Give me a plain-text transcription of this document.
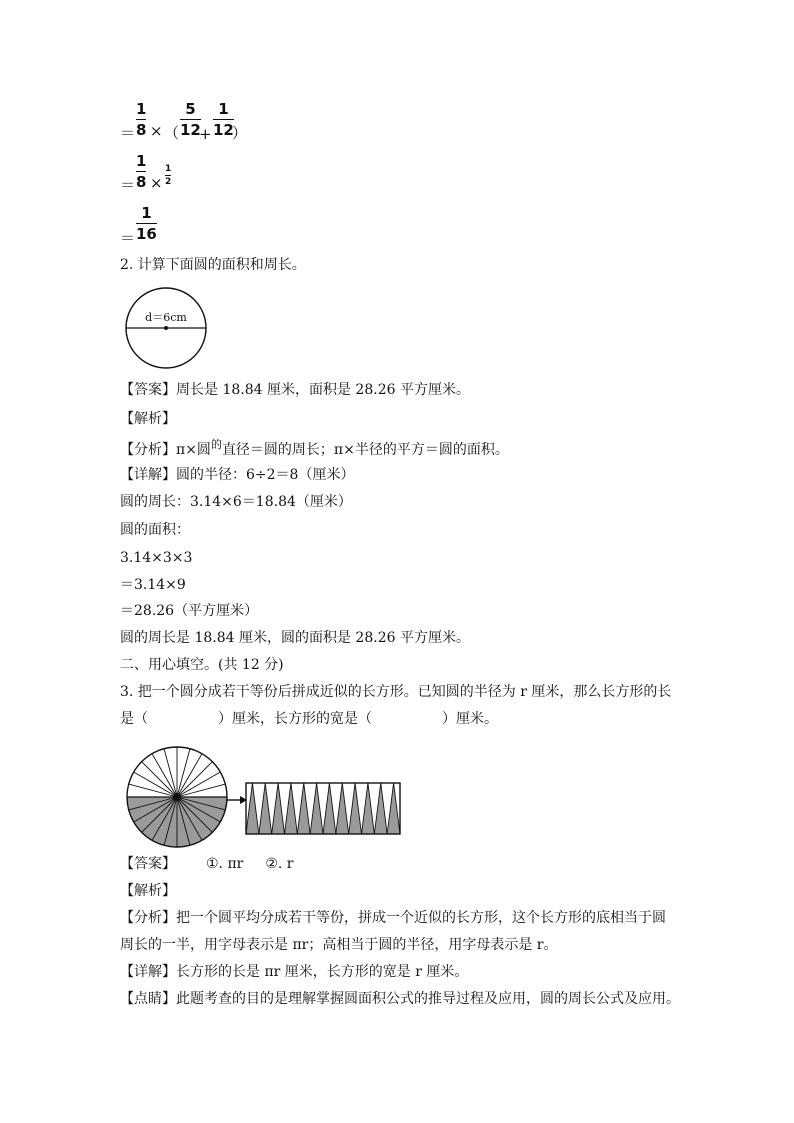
＝
1
8 × （
5
12
+
1
12
）
＝
1
8 ×
1
2
＝
1
16
2. 计算下面圆的面积和周长。
d＝6cm
【答案】周长是 18.84 厘米，面积是 28.26 平方厘米。
【解析】
【分析】π×圆$^的$直径＝圆的周长；π×半径的平方＝圆的面积。
【详解】圆的半径：6÷2＝8（厘米）
圆的周长：3.14×6＝18.84（厘米）
圆的面积：
3.14×3×3
＝3.14×9
＝28.26（平方厘米）
圆的周长是 18.84 厘米，圆的面积是 28.26 平方厘米。
二、用心填空。(共 12 分)
3. 把一个圆分成若干等份后拼成近似的长方形。已知圆的半径为 r 厘米，那么长方形的长
是（　　　　　）厘米，长方形的宽是（　　　　　）厘米。
【答案】 ①. πr ②. r
【解析】
【分析】把一个圆平均分成若干等份，拼成一个近似的长方形，这个长方形的底相当于圆
周长的一半，用字母表示是 πr；高相当于圆的半径，用字母表示是 r。
【详解】长方形的长是 πr 厘米，长方形的宽是 r 厘米。
【点睛】此题考查的目的是理解掌握圆面积公式的推导过程及应用，圆的周长公式及应用。
